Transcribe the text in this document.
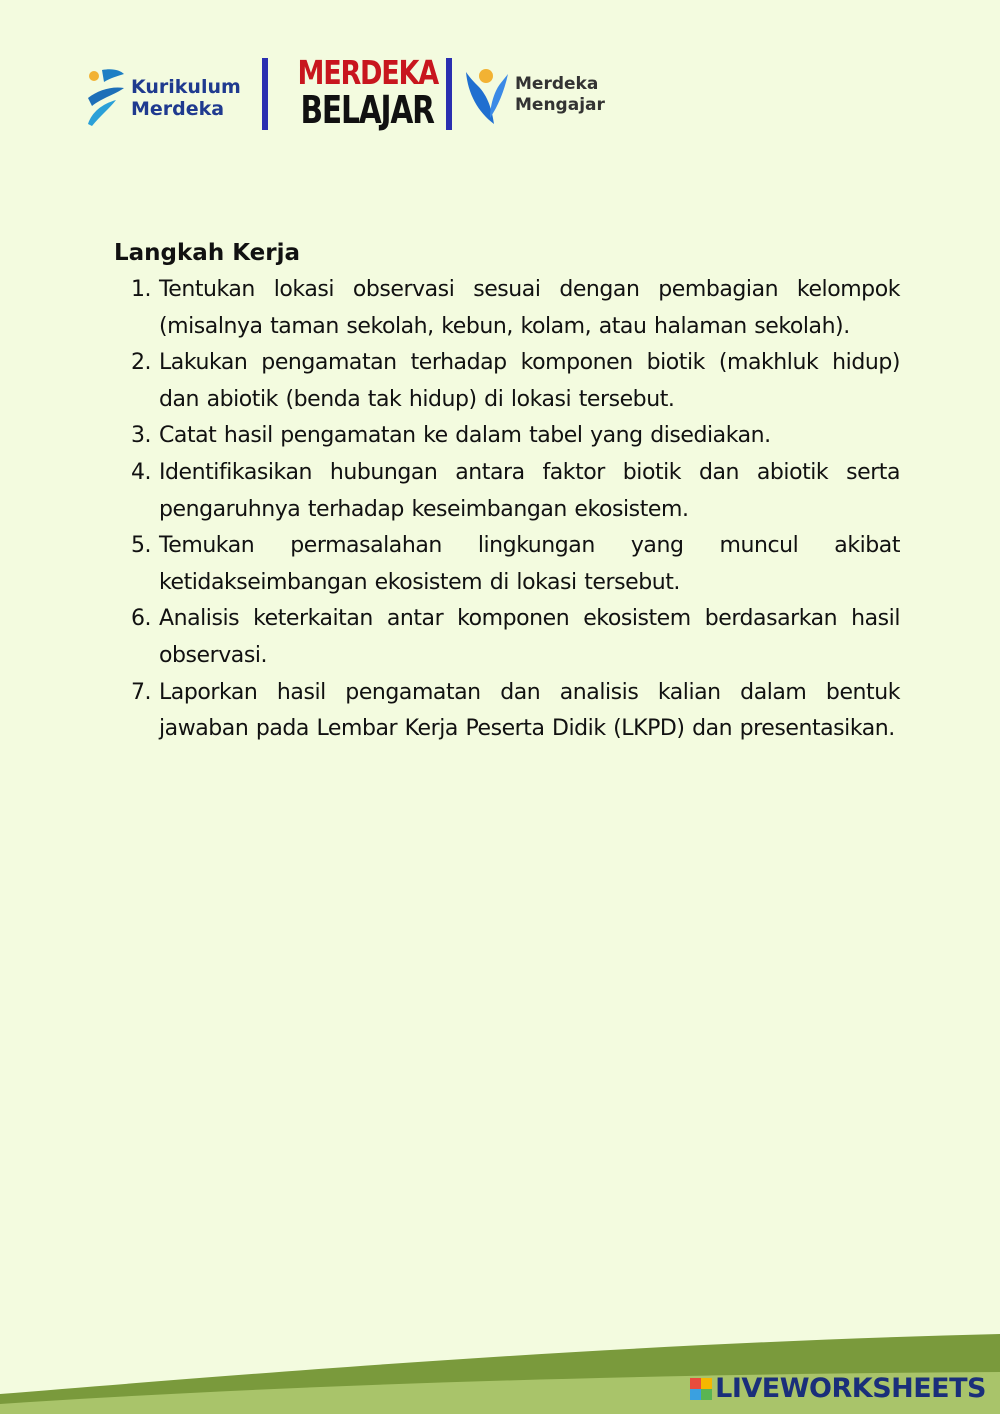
Kurikulum
Merdeka
MERDEKA
BELAJAR
Merdeka
Mengajar
Langkah Kerja
1. Tentukan lokasi observasi sesuai dengan pembagian kelompok (misalnya taman sekolah, kebun, kolam, atau halaman sekolah).
2. Lakukan pengamatan terhadap komponen biotik (makhluk hidup) dan abiotik (benda tak hidup) di lokasi tersebut.
3. Catat hasil pengamatan ke dalam tabel yang disediakan.
4. Identifikasikan hubungan antara faktor biotik dan abiotik serta pengaruhnya terhadap keseimbangan ekosistem.
5. Temukan permasalahan lingkungan yang muncul akibat ketidakseimbangan ekosistem di lokasi tersebut.
6. Analisis keterkaitan antar komponen ekosistem berdasarkan hasil observasi.
7. Laporkan hasil pengamatan dan analisis kalian dalam bentuk jawaban pada Lembar Kerja Peserta Didik (LKPD) dan presentasikan.
LIVEWORKSHEETS
